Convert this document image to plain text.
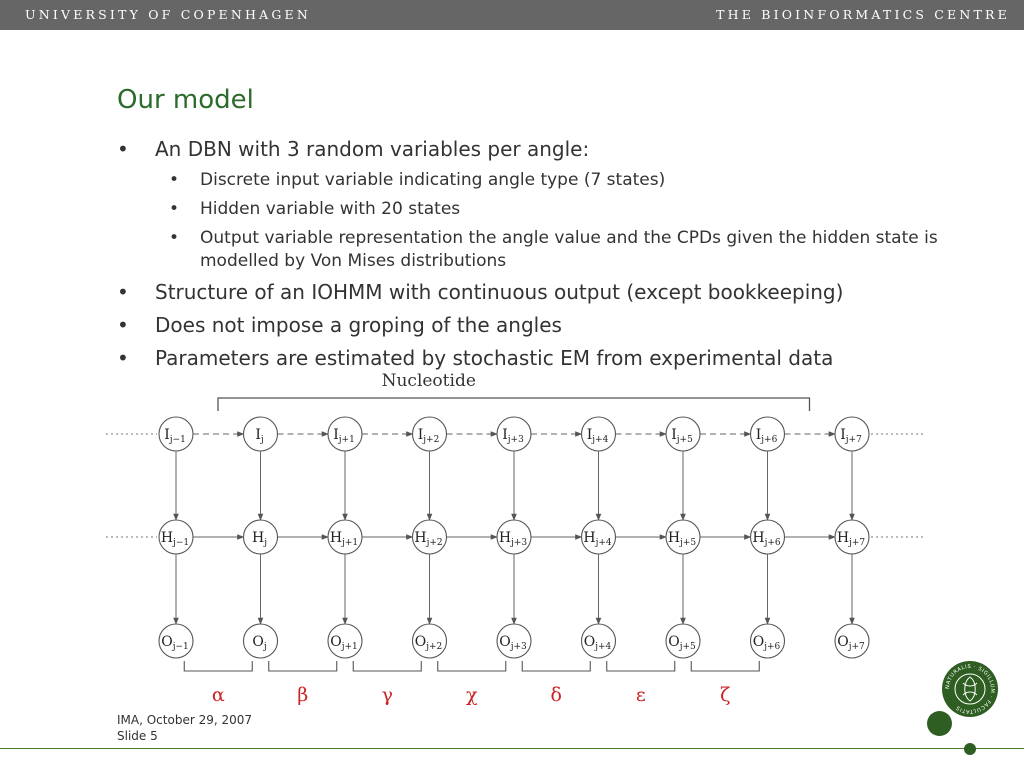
UNIVERSITY OF COPENHAGEN	THE BIOINFORMATICS CENTRE
Our model
• An DBN with 3 random variables per angle:
• Discrete input variable indicating angle type (7 states)
• Hidden variable with 20 states
• Output variable representation the angle value and the CPDs given the hidden state is modelled by Von Mises distributions
• Structure of an IOHMM with continuous output (except bookkeeping)
• Does not impose a groping of the angles
• Parameters are estimated by stochastic EM from experimental data
Nucleotide
$I_{j-1}$	$I_j$	$I_{j+1}$	$I_{j+2}$	$I_{j+3}$	$I_{j+4}$	$I_{j+5}$	$I_{j+6}$	$I_{j+7}$
$H_{j-1}$	$H_j$	$H_{j+1}$	$H_{j+2}$	$H_{j+3}$	$H_{j+4}$	$H_{j+5}$	$H_{j+6}$	$H_{j+7}$
$O_{j-1}$	$O_j$	$O_{j+1}$	$O_{j+2}$	$O_{j+3}$	$O_{j+4}$	$O_{j+5}$	$O_{j+6}$	$O_{j+7}$
α	β	γ	χ	δ	ε	ζ
IMA, October 29, 2007
Slide 5
NATURALIS · SIGILLUM · FACULTATIS
